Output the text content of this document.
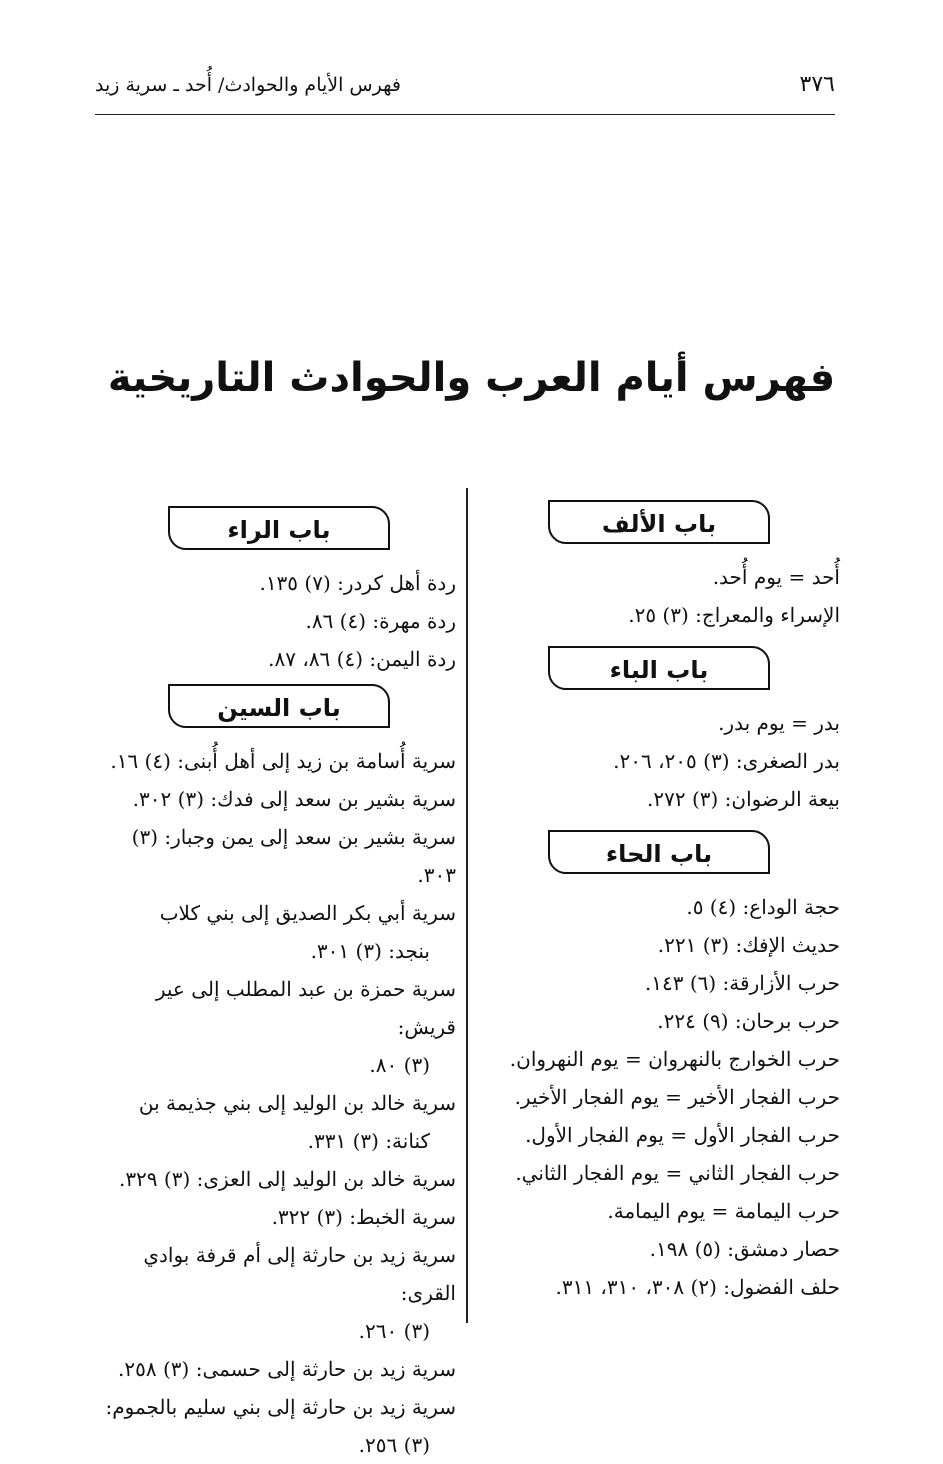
٣٧٦
فهرس الأيام والحوادث/ أُحد ـ سرية زيد
فهرس أيام العرب والحوادث التاريخية
باب الألف
أُحد = يوم أُحد.
الإسراء والمعراج: (٣) ٢٥.
باب الباء
بدر = يوم بدر.
بدر الصغرى: (٣) ٢٠٥، ٢٠٦.
بيعة الرضوان: (٣) ٢٧٢.
باب الحاء
حجة الوداع: (٤) ٥.
حديث الإفك: (٣) ٢٢١.
حرب الأزارقة: (٦) ١٤٣.
حرب برحان: (٩) ٢٢٤.
حرب الخوارج بالنهروان = يوم النهروان.
حرب الفجار الأخير = يوم الفجار الأخير.
حرب الفجار الأول = يوم الفجار الأول.
حرب الفجار الثاني = يوم الفجار الثاني.
حرب اليمامة = يوم اليمامة.
حصار دمشق: (٥) ١٩٨.
حلف الفضول: (٢) ٣٠٨، ٣١٠، ٣١١.
باب الراء
ردة أهل كردر: (٧) ١٣٥.
ردة مهرة: (٤) ٨٦.
ردة اليمن: (٤) ٨٦، ٨٧.
باب السين
سرية أُسامة بن زيد إلى أهل أُبنى: (٤) ١٦.
سرية بشير بن سعد إلى فدك: (٣) ٣٠٢.
سرية بشير بن سعد إلى يمن وجبار: (٣) ٣٠٣.
سرية أبي بكر الصديق إلى بني كلاب
بنجد: (٣) ٣٠١.
سرية حمزة بن عبد المطلب إلى عير قريش:
(٣) ٨٠.
سرية خالد بن الوليد إلى بني جذيمة بن
كنانة: (٣) ٣٣١.
سرية خالد بن الوليد إلى العزى: (٣) ٣٢٩.
سرية الخبط: (٣) ٣٢٢.
سرية زيد بن حارثة إلى أم قرفة بوادي القرى:
(٣) ٢٦٠.
سرية زيد بن حارثة إلى حسمى: (٣) ٢٥٨.
سرية زيد بن حارثة إلى بني سليم بالجموم:
(٣) ٢٥٦.
